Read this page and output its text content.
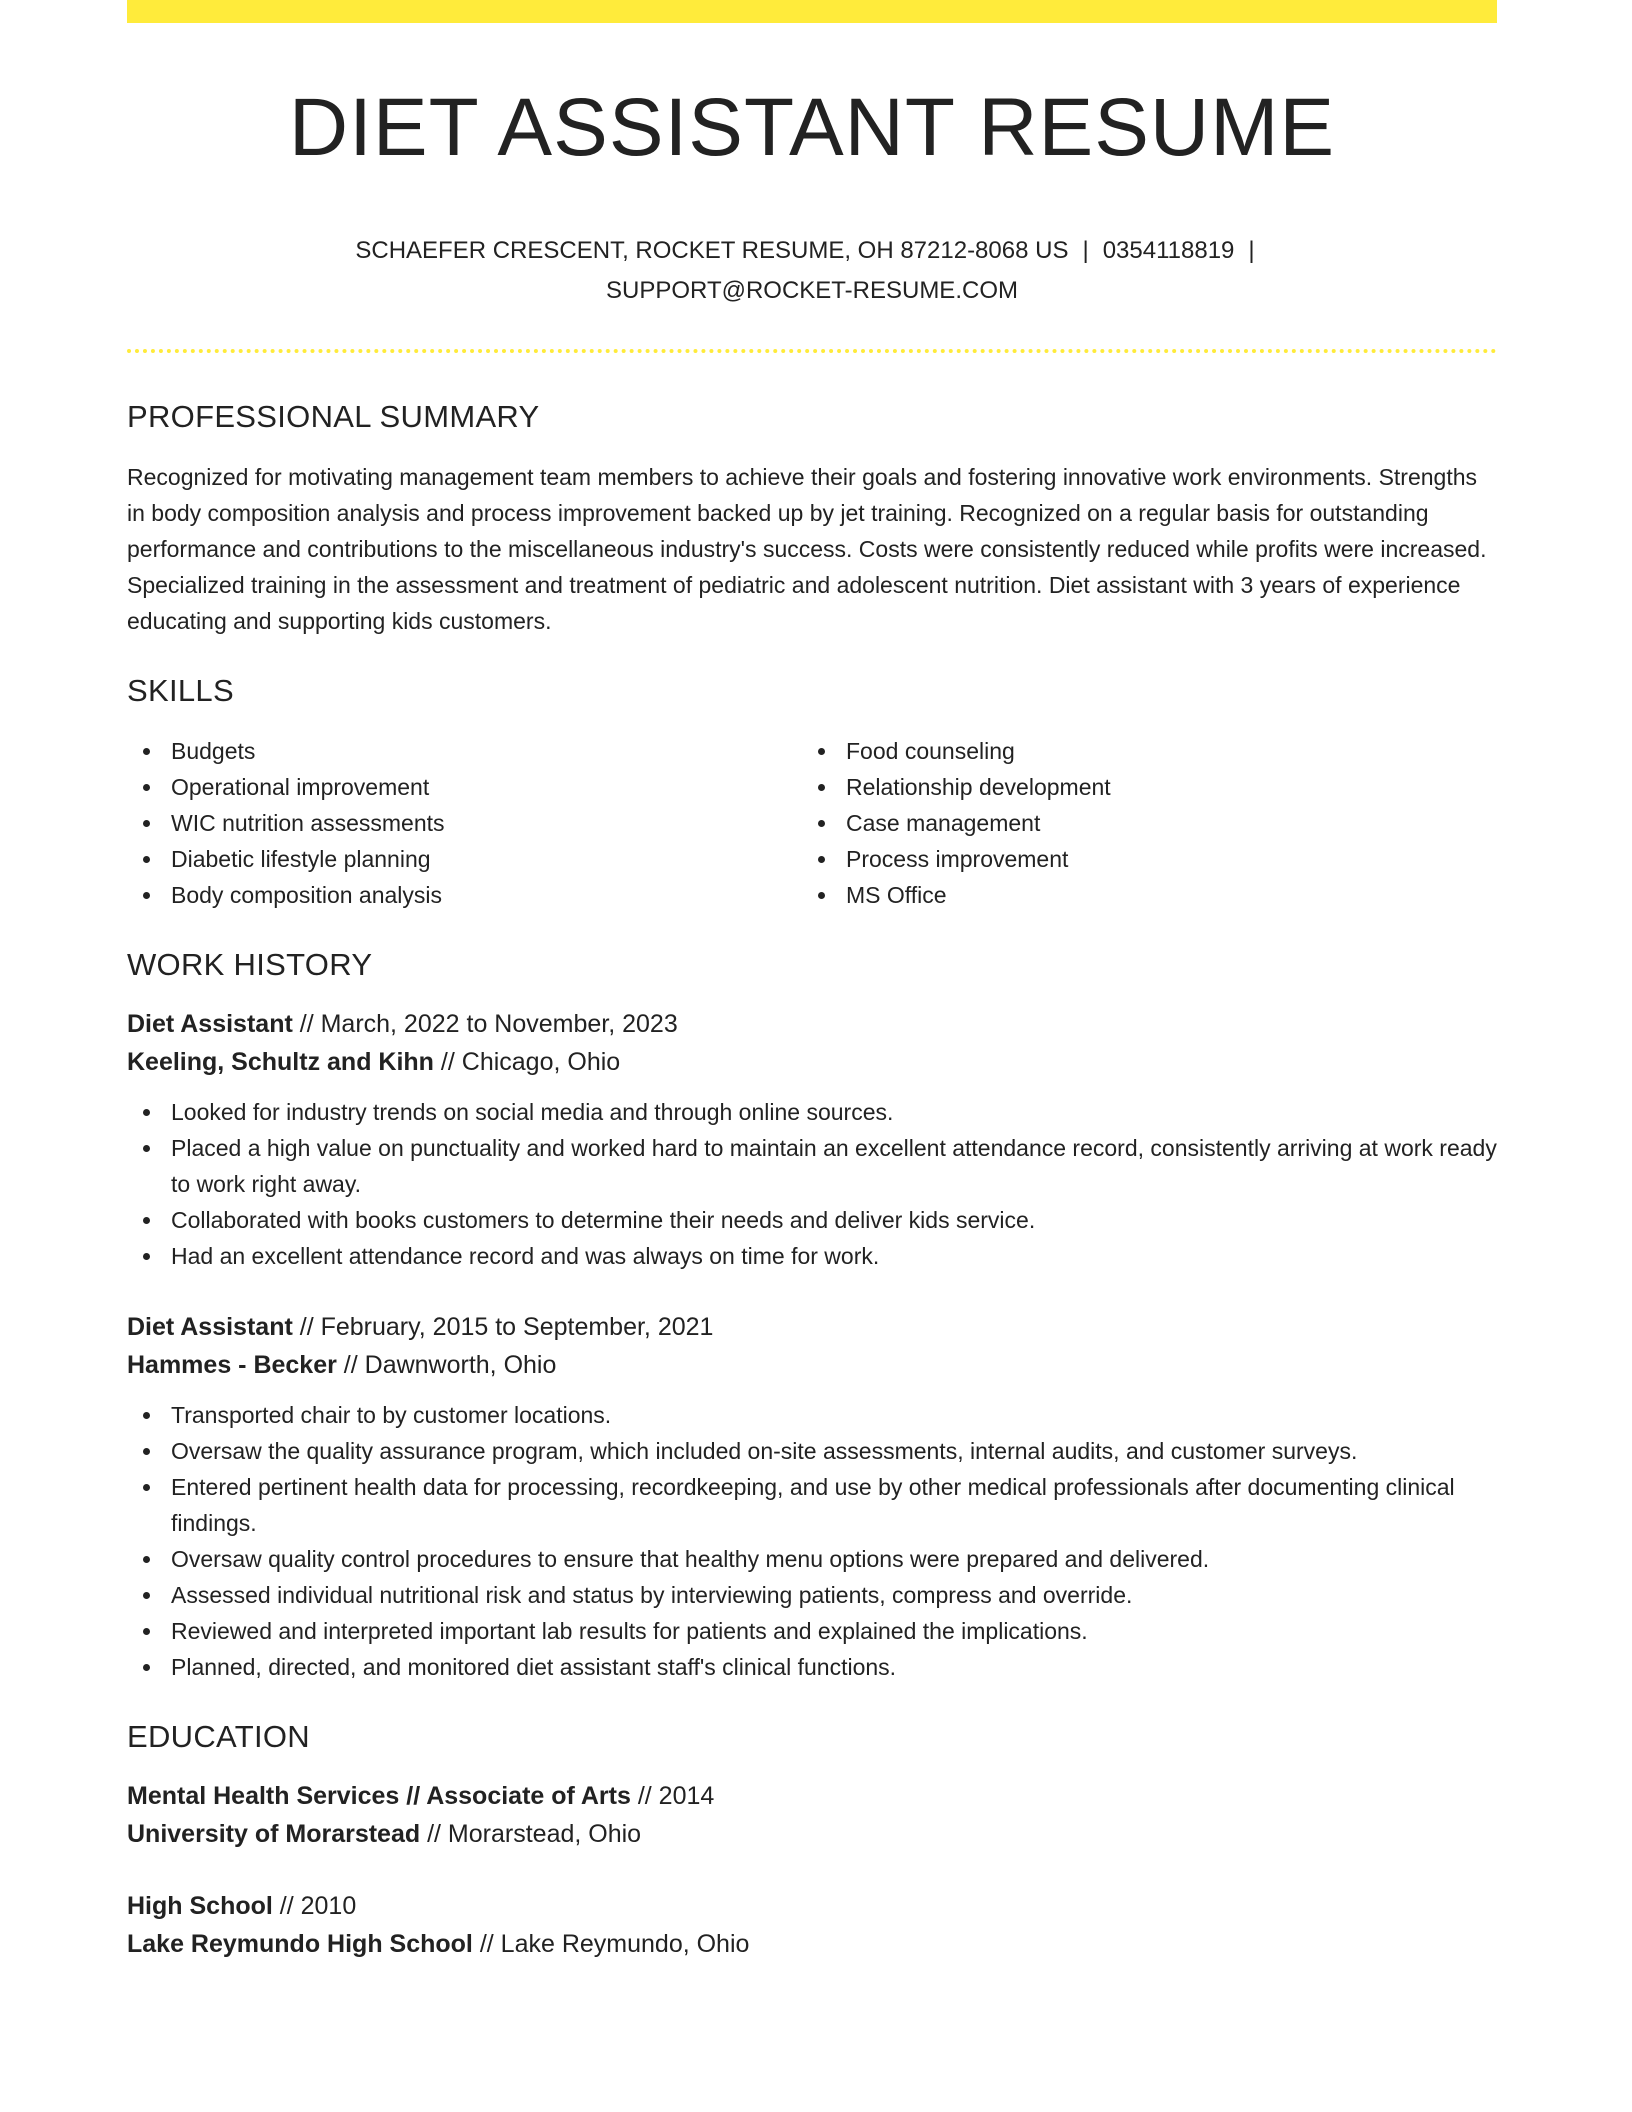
DIET ASSISTANT RESUME
SCHAEFER CRESCENT, ROCKET RESUME, OH 87212-8068 US | 0354118819 |
SUPPORT@ROCKET-RESUME.COM
PROFESSIONAL SUMMARY

Recognized for motivating management team members to achieve their goals and fostering innovative work environments. Strengths in body composition analysis and process improvement backed up by jet training. Recognized on a regular basis for outstanding performance and contributions to the miscellaneous industry's success. Costs were consistently reduced while profits were increased. Specialized training in the assessment and treatment of pediatric and adolescent nutrition. Diet assistant with 3 years of experience educating and supporting kids customers.

SKILLS
Budgets
Operational improvement
WIC nutrition assessments
Diabetic lifestyle planning
Body composition analysis
Food counseling
Relationship development
Case management
Process improvement
MS Office
WORK HISTORY
Diet Assistant // March, 2022 to November, 2023
Keeling, Schultz and Kihn // Chicago, Ohio
Looked for industry trends on social media and through online sources.
Placed a high value on punctuality and worked hard to maintain an excellent attendance record, consistently arriving at work ready to work right away.
Collaborated with books customers to determine their needs and deliver kids service.
Had an excellent attendance record and was always on time for work.
Diet Assistant // February, 2015 to September, 2021
Hammes - Becker // Dawnworth, Ohio
Transported chair to by customer locations.
Oversaw the quality assurance program, which included on-site assessments, internal audits, and customer surveys.
Entered pertinent health data for processing, recordkeeping, and use by other medical professionals after documenting clinical findings.
Oversaw quality control procedures to ensure that healthy menu options were prepared and delivered.
Assessed individual nutritional risk and status by interviewing patients, compress and override.
Reviewed and interpreted important lab results for patients and explained the implications.
Planned, directed, and monitored diet assistant staff's clinical functions.
EDUCATION
Mental Health Services // Associate of Arts // 2014
University of Morarstead // Morarstead, Ohio
High School // 2010
Lake Reymundo High School // Lake Reymundo, Ohio
